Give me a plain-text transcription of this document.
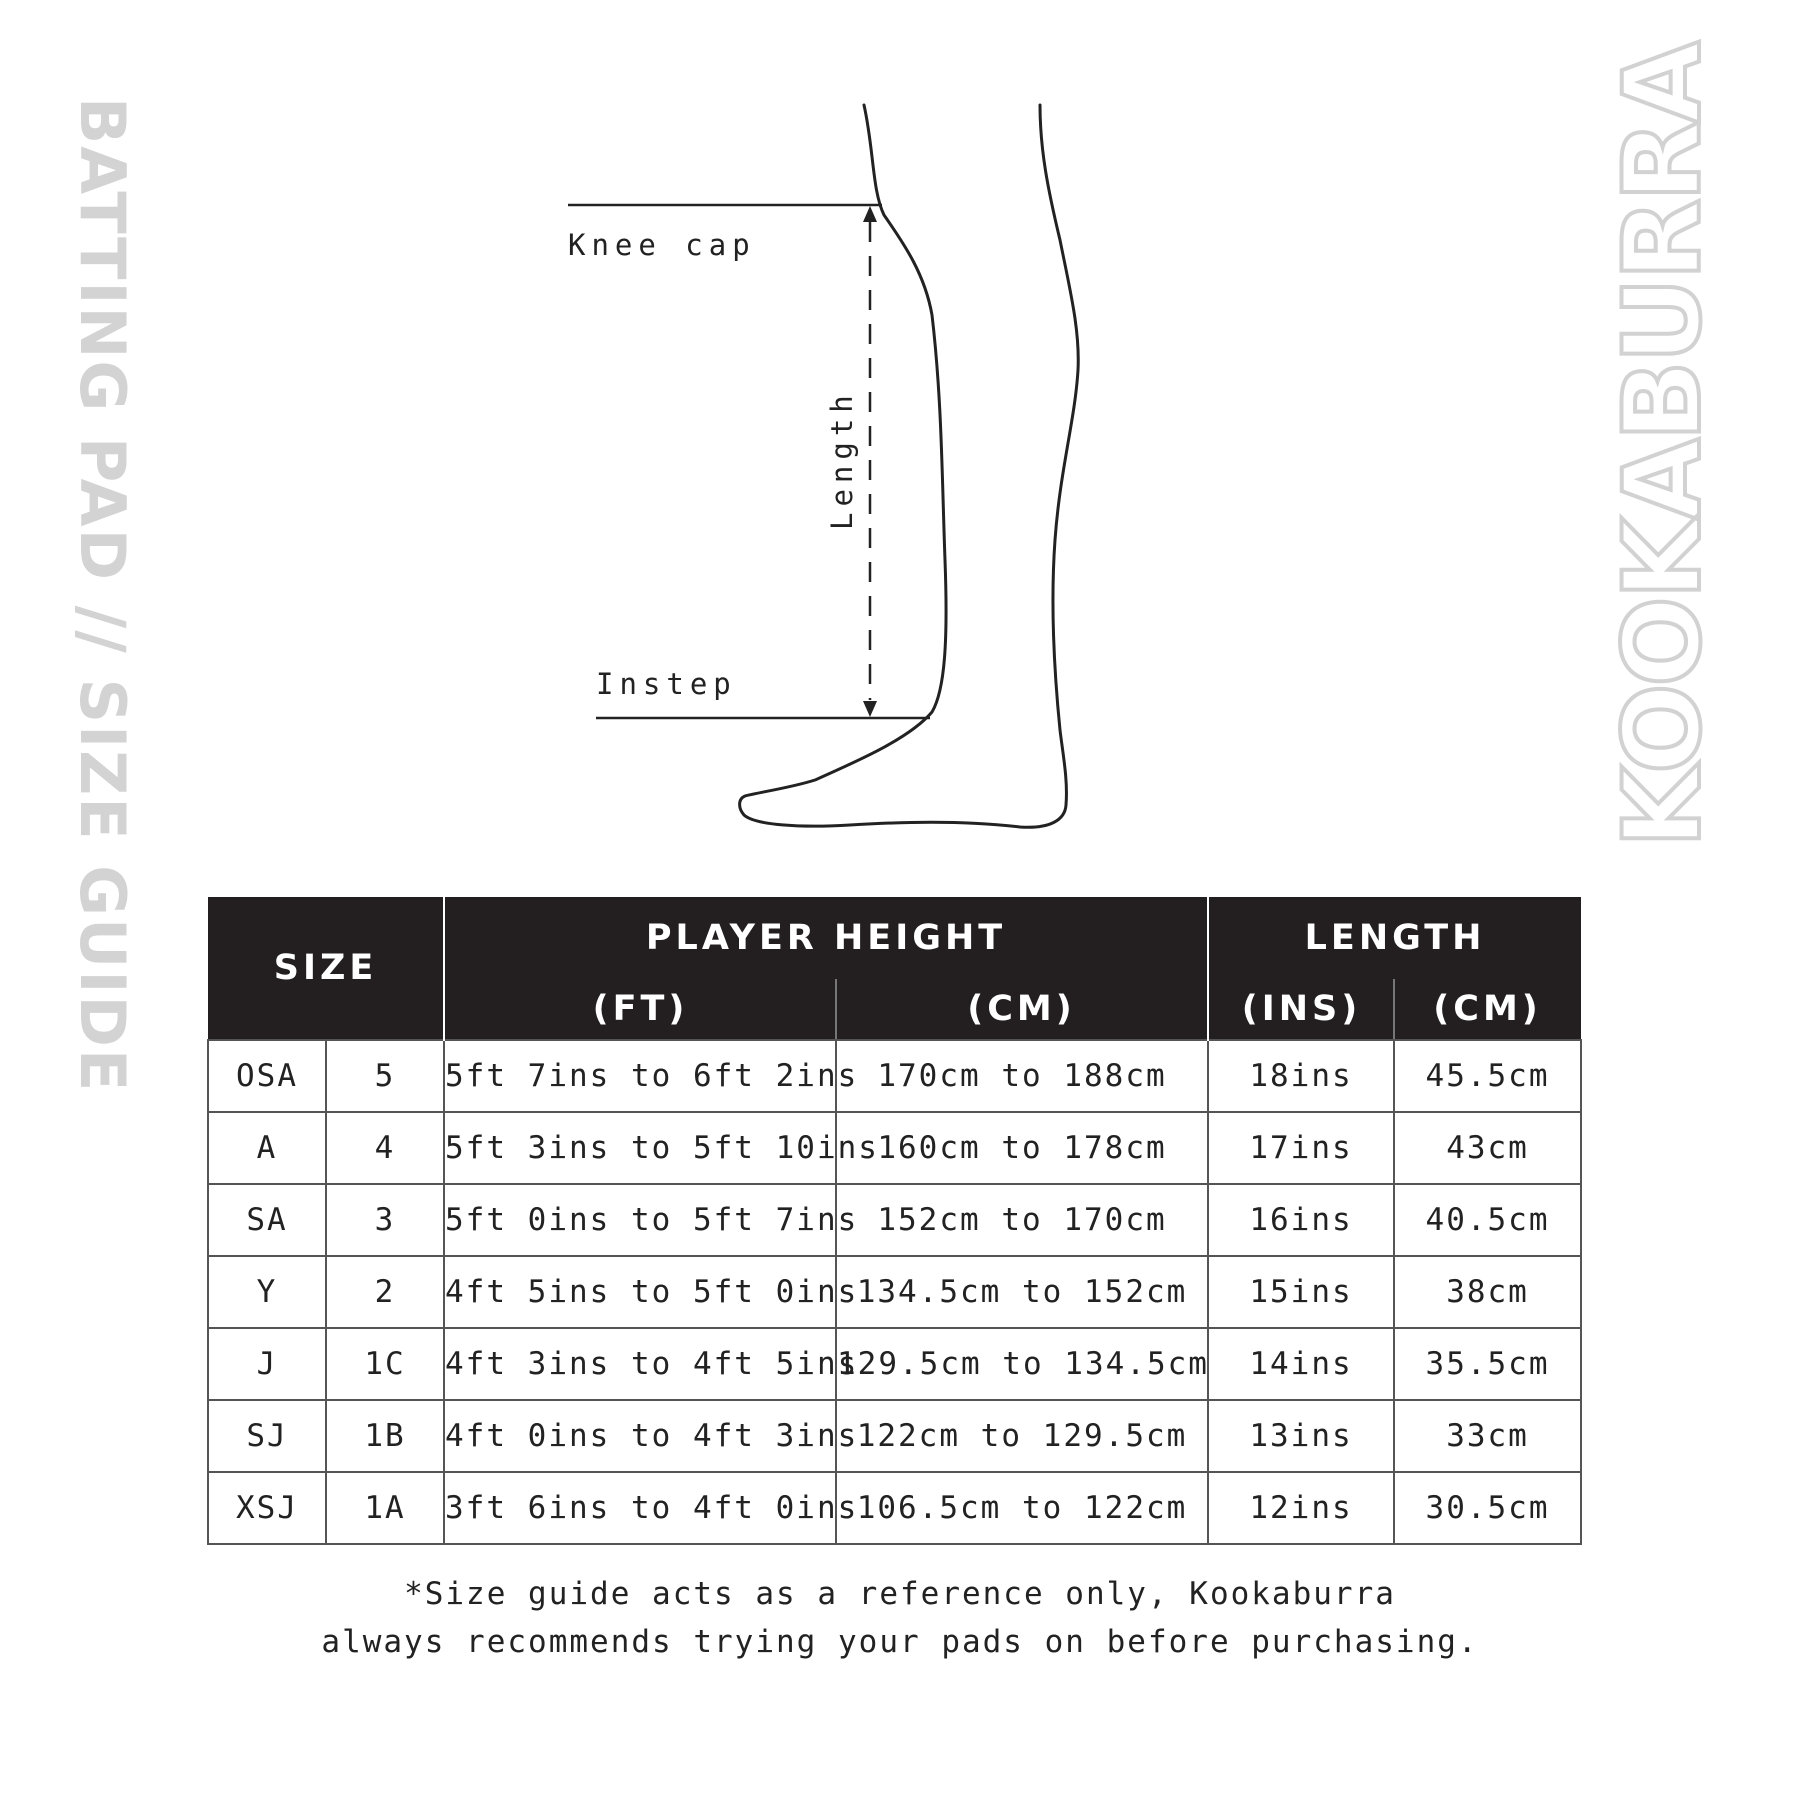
BATTING PAD // SIZE GUIDE	KOOKABURRA
Knee cap
Instep
Length
SIZE		PLAYER HEIGHT		LENGTH	
		(FT)	(CM)	(INS)	(CM)
OSA	5	5ft 7ins to 6ft 2ins	170cm to 188cm	18ins	45.5cm
A	4	5ft 3ins to 5ft 10ins	160cm to 178cm	17ins	43cm
SA	3	5ft 0ins to 5ft 7ins	152cm to 170cm	16ins	40.5cm
Y	2	4ft 5ins to 5ft 0ins	134.5cm to 152cm	15ins	38cm
J	1C	4ft 3ins to 4ft 5ins	129.5cm to 134.5cm	14ins	35.5cm
SJ	1B	4ft 0ins to 4ft 3ins	122cm to 129.5cm	13ins	33cm
XSJ	1A	3ft 6ins to 4ft 0ins	106.5cm to 122cm	12ins	30.5cm
*Size guide acts as a reference only, Kookaburra
always recommends trying your pads on before purchasing.
